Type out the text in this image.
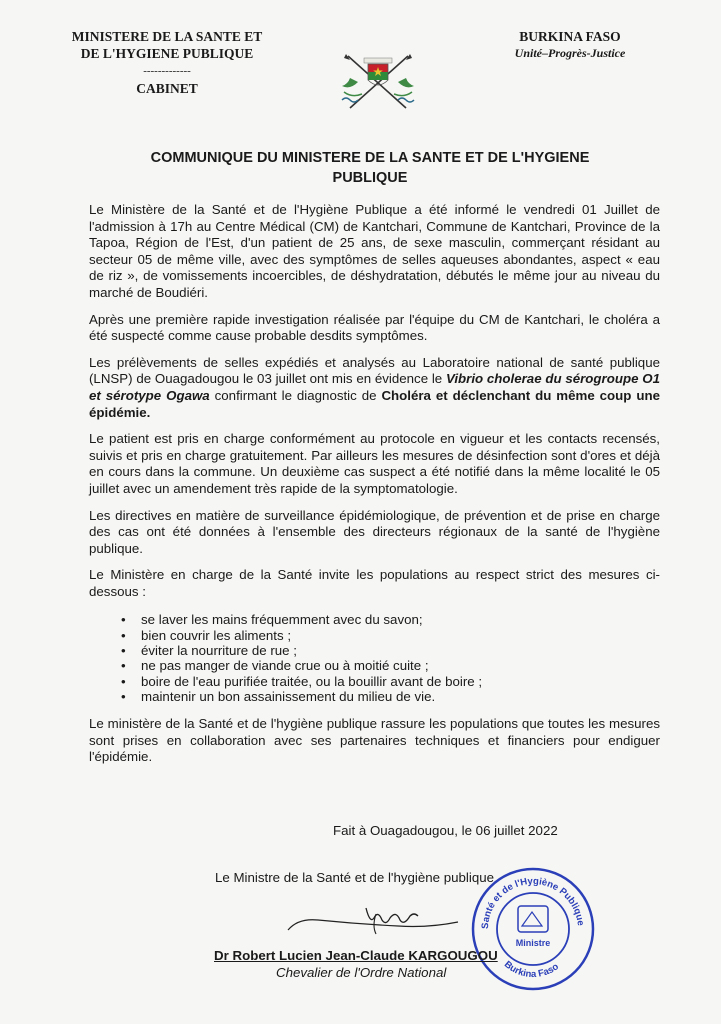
MINISTERE DE LA SANTE ET
DE L'HYGIENE PUBLIQUE
-------------
CABINET
BURKINA FASO
Unité–Progrès-Justice
COMMUNIQUE DU MINISTERE DE LA SANTE ET DE L'HYGIENE
PUBLIQUE

Le Ministère de la Santé et de l'Hygiène Publique a été informé le vendredi 01 Juillet de l'admission à 17h au Centre Médical (CM) de Kantchari, Commune de Kantchari, Province de la Tapoa, Région de l'Est, d'un patient de 25 ans, de sexe masculin, commerçant résidant au secteur 05 de même ville, avec des symptômes de selles aqueuses abondantes, aspect « eau de riz », de vomissements incoercibles, de déshydratation, débutés le même jour au niveau du marché de Boudiéri.

Après une première rapide investigation réalisée par l'équipe du CM de Kantchari, le choléra a été suspecté comme cause probable desdits symptômes.

Les prélèvements de selles expédiés et analysés au Laboratoire national de santé publique (LNSP) de Ouagadougou le 03 juillet ont mis en évidence le Vibrio cholerae du sérogroupe O1 et sérotype Ogawa confirmant le diagnostic de Choléra et déclenchant du même coup une épidémie.

Le patient est pris en charge conformément au protocole en vigueur et les contacts recensés, suivis et pris en charge gratuitement. Par ailleurs les mesures de désinfection sont d'ores et déjà en cours dans la commune. Un deuxième cas suspect a été notifié dans la même localité le 05 juillet avec un amendement très rapide de la symptomatologie.

Les directives en matière de surveillance épidémiologique, de prévention et de prise en charge des cas ont été données à l'ensemble des directeurs régionaux de la santé de l'hygiène publique.

Le Ministère en charge de la Santé invite les populations au respect strict des mesures ci-dessous :

• se laver les mains fréquemment avec du savon;
• bien couvrir les aliments ;
• éviter la nourriture de rue ;
• ne pas manger de viande crue ou à moitié cuite ;
• boire de l'eau purifiée traitée, ou la bouillir avant de boire ;
• maintenir un bon assainissement du milieu de vie.

Le ministère de la Santé et de l'hygiène publique rassure les populations que toutes les mesures sont prises en collaboration avec ses partenaires techniques et financiers pour endiguer l'épidémie.

Fait à Ouagadougou, le 06 juillet 2022
Le Ministre de la Santé et de l'hygiène publique
Santé et de l'Hygiène Publique
Burkina Faso
Ministre
Dr Robert Lucien Jean-Claude KARGOUGOU
Chevalier de l'Ordre National
